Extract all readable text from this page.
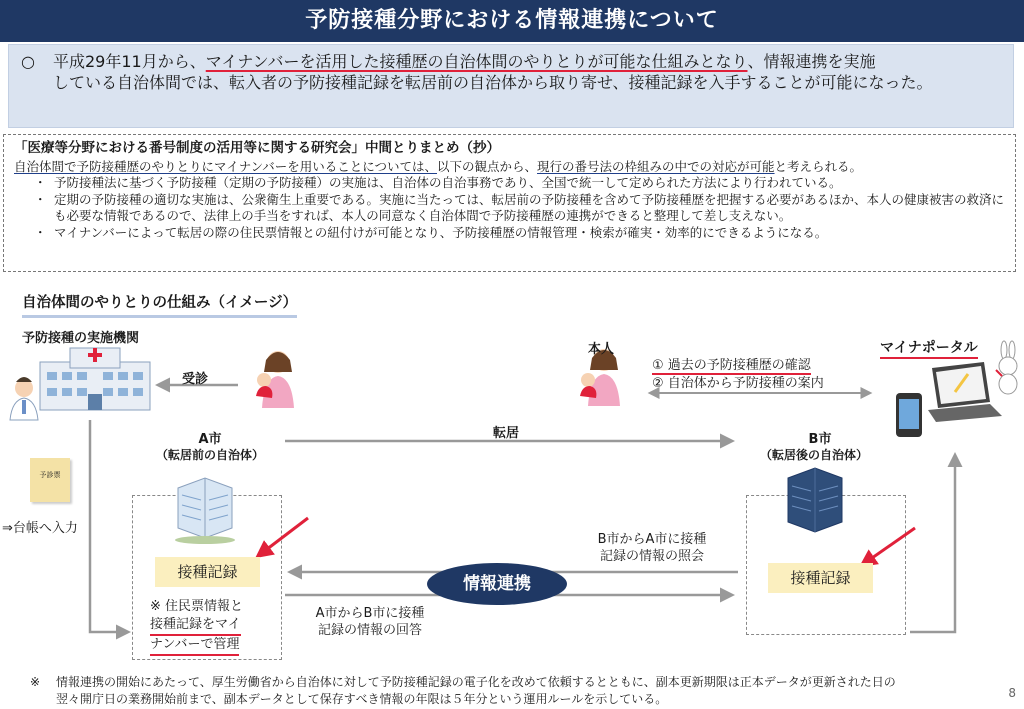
予防接種分野における情報連携について
○ 平成29年11月から、マイナンバーを活用した接種歴の自治体間のやりとりが可能な仕組みとなり、情報連携を実施
している自治体間では、転入者の予防接種記録を転居前の自治体から取り寄せ、接種記録を入手することが可能になった。
「医療等分野における番号制度の活用等に関する研究会」中間とりまとめ（抄）
自治体間で予防接種歴のやりとりにマイナンバーを用いることについては、以下の観点から、現行の番号法の枠組みの中での対応が可能と考えられる。
・ 予防接種法に基づく予防接種（定期の予防接種）の実施は、自治体の自治事務であり、全国で統一して定められた方法により行われている。
・ 定期の予防接種の適切な実施は、公衆衛生上重要である。実施に当たっては、転居前の予防接種を含めて予防接種歴を把握する必要があるほか、本人の健康被害の救済にも必要な情報であるので、法律上の手当をすれば、本人の同意なく自治体間で予防接種歴の連携ができると整理して差し支えない。
・ マイナンバーによって転居の際の住民票情報との紐付けが可能となり、予防接種歴の情報管理・検索が確実・効率的にできるようになる。
自治体間のやりとりの仕組み（イメージ）
予防接種の実施機関
受診
予診票
⇒台帳へ入力
A市
（転居前の自治体）
転居	B市
（転居後の自治体）
本人	マイナポータル
① 過去の予防接種歴の確認
② 自治体から予防接種の案内
接種記録	接種記録
B市からA市に接種
記録の情報の照会
A市からB市に接種
記録の情報の回答
情報連携
※ 住民票情報と
接種記録をマイ
ナンバーで管理
※ 情報連携の開始にあたって、厚生労働省から自治体に対して予防接種記録の電子化を改めて依頼するとともに、副本更新期限は正本データが更新された日の
翌々開庁日の業務開始前まで、副本データとして保存すべき情報の年限は５年分という運用ルールを示している。	8
